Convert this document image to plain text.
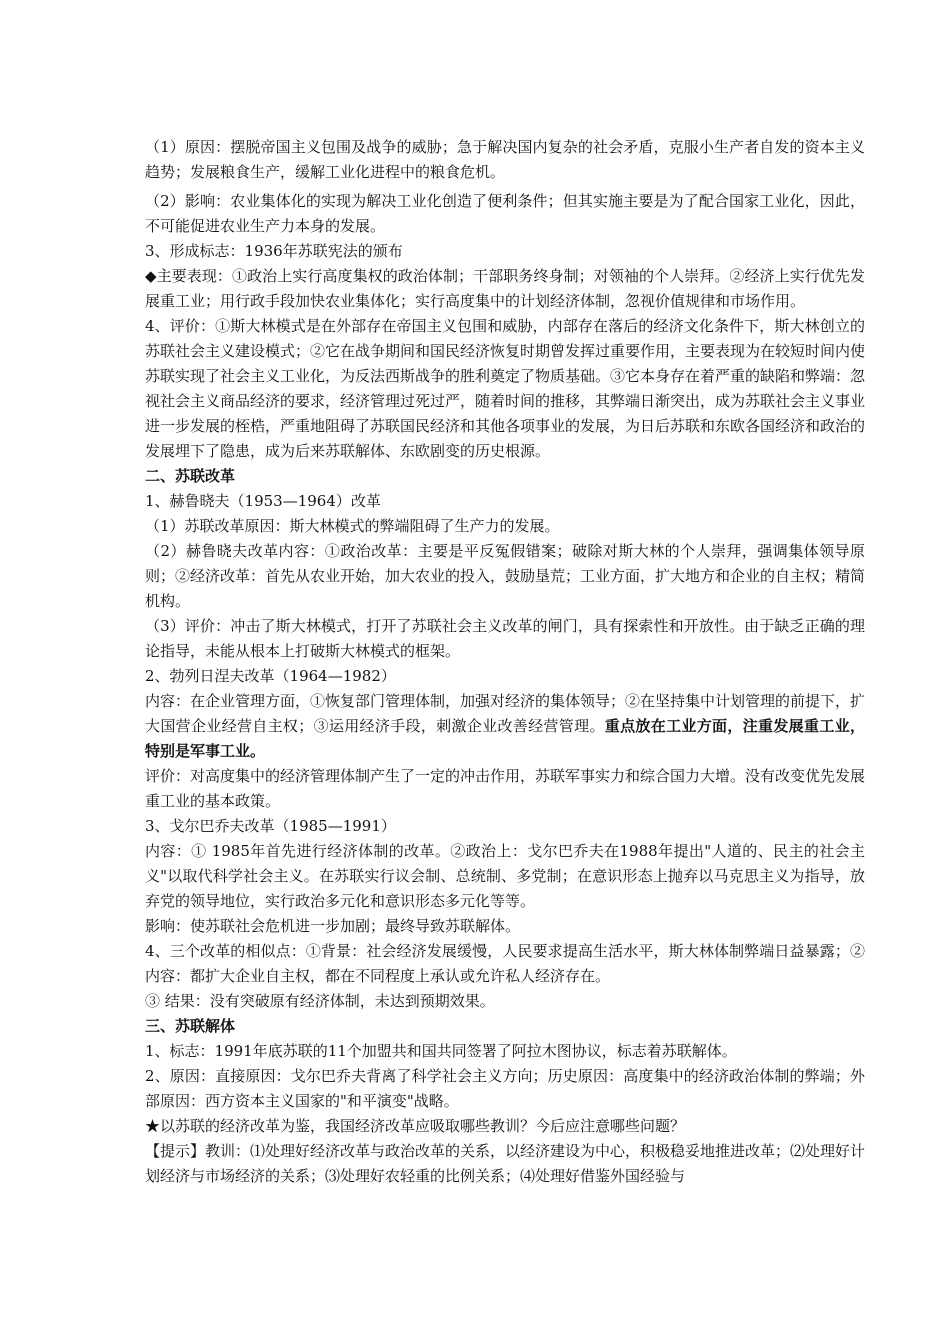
（1）原因：摆脱帝国主义包围及战争的威胁；急于解决国内复杂的社会矛盾，克服小生产者自发的资本主义趋势；发展粮食生产，缓解工业化进程中的粮食危机。

（2）影响：农业集体化的实现为解决工业化创造了便利条件；但其实施主要是为了配合国家工业化，因此，不可能促进农业生产力本身的发展。

3、形成标志：1936年苏联宪法的颁布

◆主要表现：①政治上实行高度集权的政治体制；干部职务终身制；对领袖的个人崇拜。②经济上实行优先发展重工业；用行政手段加快农业集体化；实行高度集中的计划经济体制，忽视价值规律和市场作用。

4、评价：①斯大林模式是在外部存在帝国主义包围和威胁，内部存在落后的经济文化条件下，斯大林创立的苏联社会主义建设模式；②它在战争期间和国民经济恢复时期曾发挥过重要作用，主要表现为在较短时间内使苏联实现了社会主义工业化，为反法西斯战争的胜利奠定了物质基础。③它本身存在着严重的缺陷和弊端：忽视社会主义商品经济的要求，经济管理过死过严，随着时间的推移，其弊端日渐突出，成为苏联社会主义事业进一步发展的桎梏，严重地阻碍了苏联国民经济和其他各项事业的发展，为日后苏联和东欧各国经济和政治的发展埋下了隐患，成为后来苏联解体、东欧剧变的历史根源。

二、苏联改革

1、赫鲁晓夫（1953—1964）改革

（1）苏联改革原因：斯大林模式的弊端阻碍了生产力的发展。

（2）赫鲁晓夫改革内容：①政治改革：主要是平反冤假错案；破除对斯大林的个人崇拜，强调集体领导原则；②经济改革：首先从农业开始，加大农业的投入，鼓励垦荒；工业方面，扩大地方和企业的自主权；精简机构。

（3）评价：冲击了斯大林模式，打开了苏联社会主义改革的闸门，具有探索性和开放性。由于缺乏正确的理论指导，未能从根本上打破斯大林模式的框架。

2、勃列日涅夫改革（1964—1982）

内容：在企业管理方面，①恢复部门管理体制，加强对经济的集体领导；②在坚持集中计划管理的前提下，扩大国营企业经营自主权；③运用经济手段，刺激企业改善经营管理。重点放在工业方面，注重发展重工业，特别是军事工业。

评价：对高度集中的经济管理体制产生了一定的冲击作用，苏联军事实力和综合国力大增。没有改变优先发展重工业的基本政策。

3、戈尔巴乔夫改革（1985—1991）

内容：① 1985年首先进行经济体制的改革。②政治上：戈尔巴乔夫在1988年提出"人道的、民主的社会主义"以取代科学社会主义。在苏联实行议会制、总统制、多党制；在意识形态上抛弃以马克思主义为指导，放弃党的领导地位，实行政治多元化和意识形态多元化等等。

影响：使苏联社会危机进一步加剧；最终导致苏联解体。

4、三个改革的相似点：①背景：社会经济发展缓慢，人民要求提高生活水平，斯大林体制弊端日益暴露；②内容：都扩大企业自主权，都在不同程度上承认或允许私人经济存在。

③ 结果：没有突破原有经济体制，未达到预期效果。

三、苏联解体

1、标志：1991年底苏联的11个加盟共和国共同签署了阿拉木图协议，标志着苏联解体。

2、原因：直接原因：戈尔巴乔夫背离了科学社会主义方向；历史原因：高度集中的经济政治体制的弊端；外部原因：西方资本主义国家的"和平演变"战略。

★以苏联的经济改革为鉴，我国经济改革应吸取哪些教训？今后应注意哪些问题？

【提示】教训：⑴处理好经济改革与政治改革的关系，以经济建设为中心，积极稳妥地推进改革；⑵处理好计划经济与市场经济的关系；⑶处理好农轻重的比例关系；⑷处理好借鉴外国经验与
